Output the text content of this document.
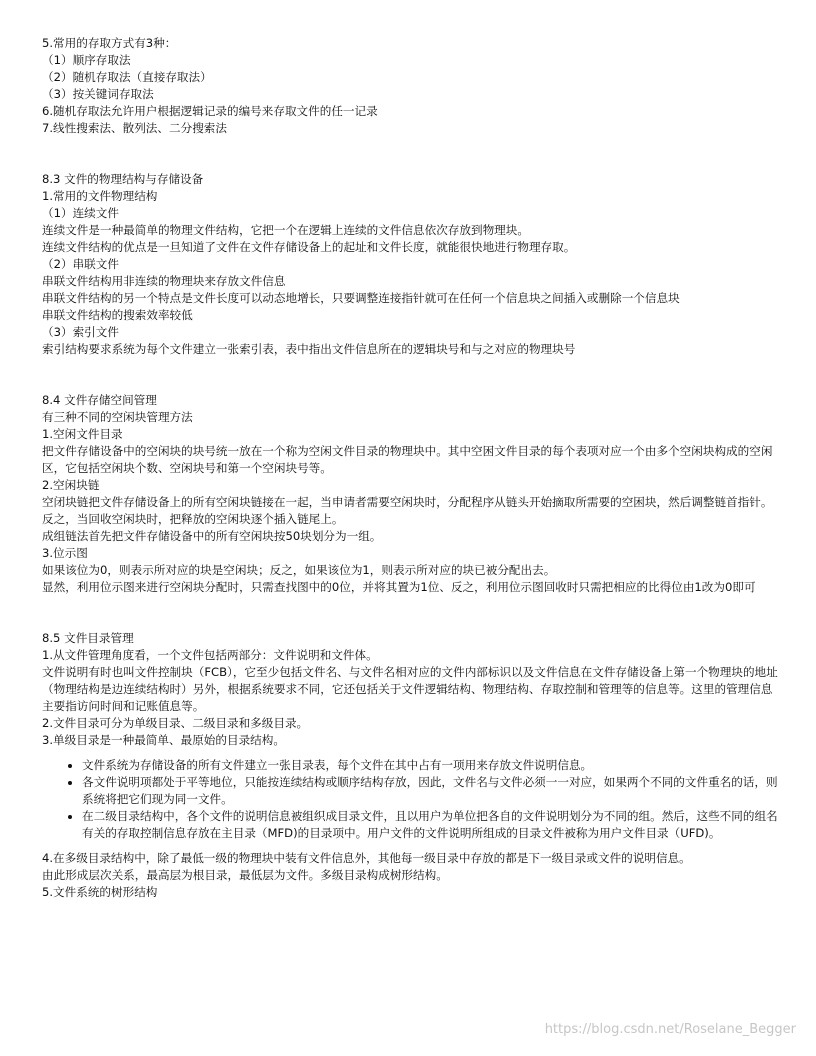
5.常用的存取方式有3种：
（1）顺序存取法
（2）随机存取法（直接存取法）
（3）按关键词存取法
6.随机存取法允许用户根据逻辑记录的编号来存取文件的任一记录
7.线性搜索法、散列法、二分搜索法
8.3 文件的物理结构与存储设备
1.常用的文件物理结构
（1）连续文件
连续文件是一种最简单的物理文件结构，它把一个在逻辑上连续的文件信息依次存放到物理块。
连续文件结构的优点是一旦知道了文件在文件存储设备上的起址和文件长度，就能很快地进行物理存取。
（2）串联文件
串联文件结构用非连续的物理块来存放文件信息
串联文件结构的另一个特点是文件长度可以动态地增长，只要调整连接指针就可在任何一个信息块之间插入或删除一个信息块
串联文件结构的搜索效率较低
（3）索引文件
索引结构要求系统为每个文件建立一张索引表，表中指出文件信息所在的逻辑块号和与之对应的物理块号
8.4 文件存储空间管理
有三种不同的空闲块管理方法
1.空闲文件目录
把文件存储设备中的空闲块的块号统一放在一个称为空闲文件目录的物理块中。其中空困文件目录的每个表项对应一个由多个空闲块构成的空闲区，它包括空闲块个数、空闲块号和第一个空闲块号等。
2.空闲块链
空闭块链把文件存储设备上的所有空闲块链接在一起，当申请者需要空闲块时，分配程序从链头开始摘取所需要的空困块，然后调整链首指针。反之，当回收空闲块时，把释放的空闲块逐个插入链尾上。
成组链法首先把文件存储设备中的所有空闲块按50块划分为一组。
3.位示图
如果该位为0，则表示所对应的块是空闲块；反之，如果该位为1，则表示所对应的块已被分配出去。
显然，利用位示图来进行空闲块分配时，只需查找图中的0位，并将其置为1位、反之，利用位示图回收时只需把相应的比得位由1改为0即可
8.5 文件目录管理
1.从文件管理角度看，一个文件包括两部分：文件说明和文件体。
文件说明有时也叫文件控制块（FCB），它至少包括文件名、与文件名相对应的文件内部标识以及文件信息在文件存储设备上第一个物理块的地址（物理结构是边连续结构时）另外，根据系统要求不同，它还包括关于文件逻辑结构、物理结构、存取控制和管理等的信息等。这里的管理信息主要指访问时间和记账值息等。
2.文件目录可分为单级目录、二级目录和多级目录。
3.单级目录是一种最简单、最原始的目录结构。
• 文件系统为存储设备的所有文件建立一张目录表，每个文件在其中占有一项用来存放文件说明信息。
• 各文件说明项都处于平等地位，只能按连续结构或顺序结构存放，因此，文件名与文件必须一一对应，如果两个不同的文件重名的话，则系统将把它们现为同一文件。
• 在二级目录结构中，各个文件的说明信息被组织成目录文件，且以用户为单位把各自的文件说明划分为不同的组。然后，这些不同的组名有关的存取控制信息存放在主目录（MFD)的目录项中。用户文件的文件说明所组成的目录文件被称为用户文件目录（UFD)。
4.在多级目录结构中，除了最低一级的物理块中装有文件信息外，其他每一级目录中存放的都是下一级目录或文件的说明信息。
由此形成层次关系，最高层为根目录，最低层为文件。多级目录构成树形结构。
5.文件系统的树形结构
https://blog.csdn.net/Roselane_Begger
